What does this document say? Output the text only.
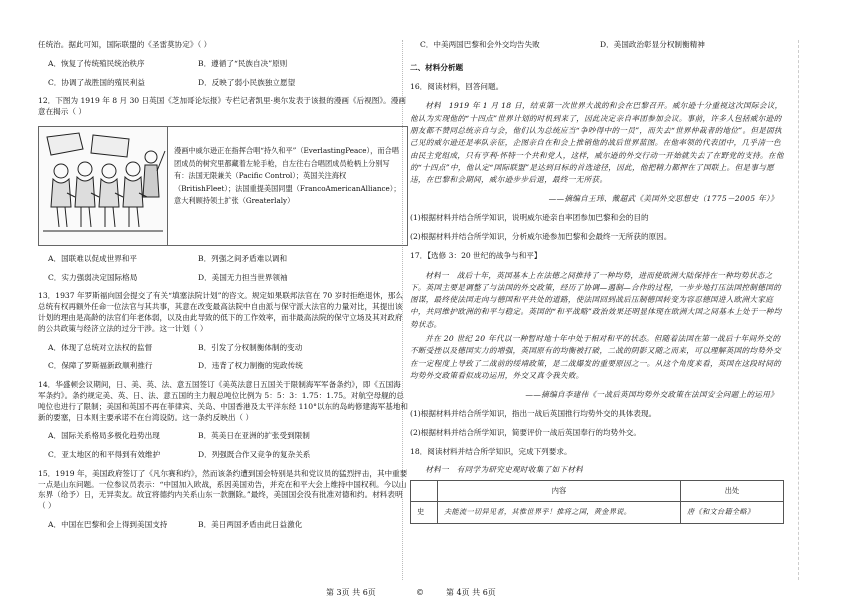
任统治。据此可知，国际联盟的《圣雷莫协定》（ ）

A．恢复了传统殖民统治秩序	B．遵循了“民族自决”原则
C．协调了战胜国的殖民利益	D．反映了弱小民族独立愿望

12．下图为 1919 年 8 月 30 日英国《芝加哥论坛报》专栏记者凯里·奥尔发表于该报的漫画《后视图》。漫画意在揭示（ ）

漫画中威尔逊正在指挥合唱“持久和平”（EverlastingPeace），而合唱团成员的树究里都藏着左轮手枪，自左往右合唱团成员枪柄上分别写有：法国无限兼关（Pacific Control）；英国关注海权（BritishFleet）；法国重提美国同盟（FrancoAmericanAlliance）；意大利顾持领土扩张（Greaterlaly）
A．国联难以促成世界和平	B．列强之间矛盾难以调和
C．实力强弱决定国际格局	D．美国无力担当世界领袖

13．1937 年罗斯福向国会提交了有关“填塞法院计划”的咨文。规定如果联邦法官在 70 岁时拒绝退休，那么总统有权再额外任命一位法官与其共事，其意在改变最高法院中自由派与保守派大法官的力量对比，其提出该计划的理由是高龄的法官们年老体弱，以及由此导致的低下的工作效率，而非最高法院的保守立场及其对政府的公共政策与经济立法的过分干涉。这一计划（ ）

A．体现了总统对立法权的监督	B．引发了分权制衡体制的变动
C．保障了罗斯福新政顺利推行	D．违背了权力制衡的宪政传统

14．华盛顿会议期间，日、美、英、法、意五国签订《美英法意日五国关于限制海军军备条约》，即《五国海军条约》。条约规定美、英、日、法、意五国的主力舰总吨位比例为 5：5：3：1.75：1.75。对航空母舰的总吨位也进行了限制；美国和英国不再在菲律宾、关岛、中国香港及太平洋东经 110°以东的岛屿修建海军基地和新的要塞，日本则主要承诺不在台湾设防。这一条约反映出（ ）

A．国际关系格局多极化趋势出现	B．英美日在亚洲的扩张受到限制
C．亚太地区的和平得到有效维护	D．列强既合作又竞争的复杂关系

15．1919 年，美国政府签订了《凡尔赛和约》，然而该条约遭到国会特别是共和党议员的猛烈抨击，其中重要一点是山东问题。一位参议员表示：“中国加入欧战，系因美国劝告，并充在和平大会上维持中国权利。今以山东界（给予）日，无异卖友。故宜将德约内关系山东一款删除。”最终，美国国会没有批准对德和约。材料表明（ ）

A．中国在巴黎和会上得到美国支持	B．美日两国矛盾由此日益激化
C．中美两国巴黎和会外交均告失败	D．美国政治彰显分权制衡精神
二、材料分析题

16．阅读材料，回答问题。

材料　1919 年 1 月 18 日，结束第一次世界大战的和会在巴黎召开。威尔逊十分重视这次国际会议，他认为实现他的“十四点”世界计划的时机到来了，因此决定亲自率团参加会议。事前，许多人包括威尔逊的朋友都不赞同总统亲自与会，他们认为总统应当“争吵得中的一员”，而失去“世界仲裁者的地位”。但是固执己见的威尔逊还是率队亲征，企图亲自在和会上推销他的战后世界蓝图。在他率领的代表团中，几乎清一色由民主党组成，只有亨利·怀特一个共和党人，这样，威尔逊的外交行动一开始就失去了在野党的支持。在他的“十四点”中，他认定“国际联盟”是达到目标的首选途径，因此，他把精力都押在了国联上。但是事与愿违，在巴黎和会期间，威尔逊步步后退，最终一无所获。

——摘编自王玮、戴超武《美国外交思想史（1775－2005 年）》

(1)根据材料并结合所学知识，说明威尔逊亲自率团参加巴黎和会的目的

(2)根据材料并结合所学知识，分析威尔逊参加巴黎和会最终一无所获的原因。

17．【选修 3：20 世纪的战争与和平】

材料一　战后十年，英国基本上在法德之间推持了一种均势，进而使欧洲大陆保持在一种均势状态之下。英国主要是调整了与法国的外交政策，经历了协调—遏制—合作的过程，一步步地打压法国控制德国的图谋，最终使法国走向与德国和平共处的道路，使法国回到战后压制德国转变为容忍德国进入欧洲大家庭中，共同维护欧洲的和平与稳定。英国的“和平战略”政治效果还明显体现在欧洲大国之间基本上处于一种均势状态。

并在 20 世纪 20 年代以一种暂时地十年中处于相对和平的状态。但随着法国在第一战后十年间外交的不断受挫以及德国实力的增强，英国原有的均衡被打破，二战的阴影又随之而来，可以理解英国的均势外交在一定程度上导致了二战前的绥靖政策，是二战爆发的重要原因之一。从这个角度来看，英国在这段时间的均势外交政策看似成功运用，外交又真令我失败。

——摘编自李建伟《一战后英国均势外交政策在法国安全问题上的运用》

(1)根据材料并结合所学知识，指出一战后英国推行均势外交的具体表现。

(2)根据材料并结合所学知识，简要评价一战后英国奉行的均势外交。

18．阅读材料并结合所学知识，完成下列要求。

材料一　有同学为研究史观时收集了如下材料

	内容	出处
史	夫能流一切异见者，其惟世界乎！推将之国，黄金界说。	唐《和文台籍全略》
第 3页 共 6页	©	第 4页 共 6页
